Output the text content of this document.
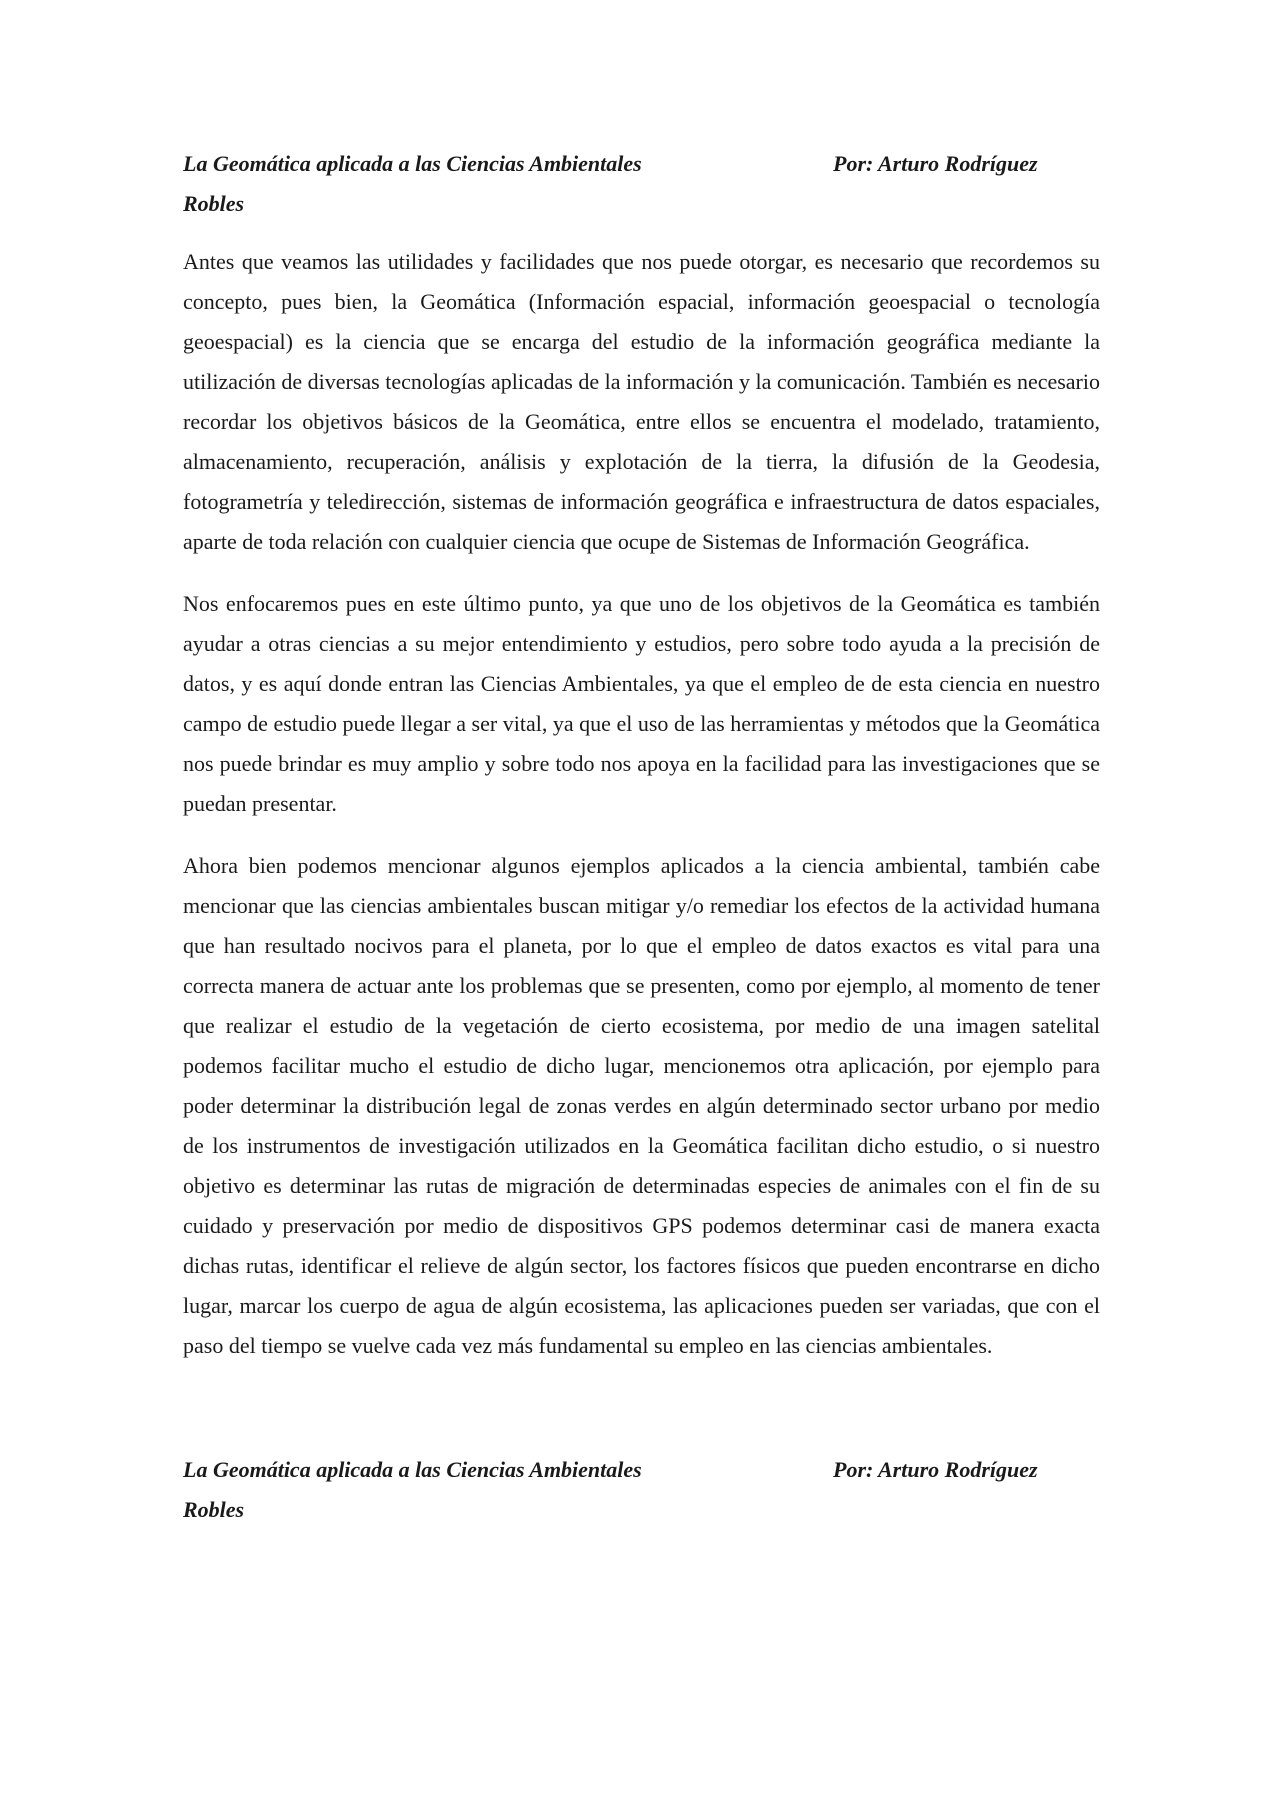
La Geomática aplicada a las Ciencias Ambientales	Por: Arturo Rodríguez Robles

Antes que veamos las utilidades y facilidades que nos puede otorgar, es necesario que recordemos su concepto, pues bien, la Geomática (Información espacial, información geoespacial o tecnología geoespacial) es la ciencia que se encarga del estudio de la información geográfica mediante la utilización de diversas tecnologías aplicadas de la información y la comunicación. También es necesario recordar los objetivos básicos de la Geomática, entre ellos se encuentra el modelado, tratamiento, almacenamiento, recuperación, análisis y explotación de la tierra, la difusión de la Geodesia, fotogrametría y teledirección, sistemas de información geográfica e infraestructura de datos espaciales, aparte de toda relación con cualquier ciencia que ocupe de Sistemas de Información Geográfica.

Nos enfocaremos pues en este último punto, ya que uno de los objetivos de la Geomática es también ayudar a otras ciencias a su mejor entendimiento y estudios, pero sobre todo ayuda a la precisión de datos, y es aquí donde entran las Ciencias Ambientales, ya que el empleo de de esta ciencia en nuestro campo de estudio puede llegar a ser vital, ya que el uso de las herramientas y métodos que la Geomática nos puede brindar es muy amplio y sobre todo nos apoya en la facilidad para las investigaciones que se puedan presentar.

Ahora bien podemos mencionar algunos ejemplos aplicados a la ciencia ambiental, también cabe mencionar que las ciencias ambientales buscan mitigar y/o remediar los efectos de la actividad humana que han resultado nocivos para el planeta, por lo que el empleo de datos exactos es vital para una correcta manera de actuar ante los problemas que se presenten, como por ejemplo, al momento de tener que realizar el estudio de la vegetación de cierto ecosistema, por medio de una imagen satelital podemos facilitar mucho el estudio de dicho lugar, mencionemos otra aplicación, por ejemplo para poder determinar la distribución legal de zonas verdes en algún determinado sector urbano por medio de los instrumentos de investigación utilizados en la Geomática facilitan dicho estudio, o si nuestro objetivo es determinar las rutas de migración de determinadas especies de animales con el fin de su cuidado y preservación por medio de dispositivos GPS podemos determinar casi de manera exacta dichas rutas, identificar el relieve de algún sector, los factores físicos que pueden encontrarse en dicho lugar, marcar los cuerpo de agua de algún ecosistema, las aplicaciones pueden ser variadas, que con el paso del tiempo se vuelve cada vez más fundamental su empleo en las ciencias ambientales.

La Geomática aplicada a las Ciencias Ambientales	Por: Arturo Rodríguez Robles
